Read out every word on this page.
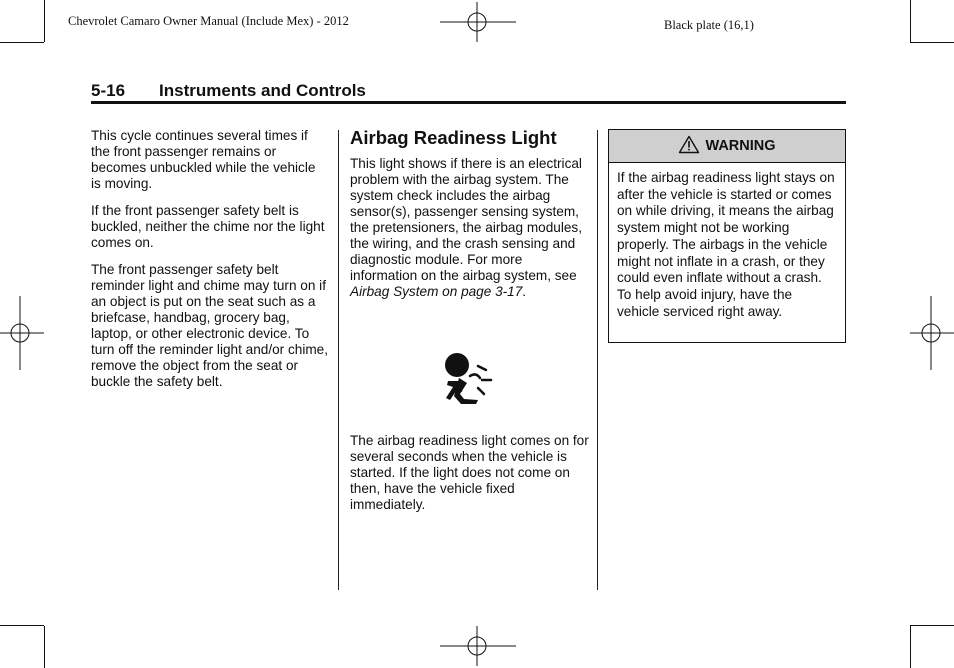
Chevrolet Camaro Owner Manual (Include Mex) - 2012	Black plate (16,1)
5-16 Instruments and Controls

This cycle continues several times if the front passenger remains or becomes unbuckled while the vehicle is moving.

If the front passenger safety belt is buckled, neither the chime nor the light comes on.

The front passenger safety belt reminder light and chime may turn on if an object is put on the seat such as a briefcase, handbag, grocery bag, laptop, or other electronic device. To turn off the reminder light and/or chime, remove the object from the seat or buckle the safety belt.

Airbag Readiness Light

This light shows if there is an electrical problem with the airbag system. The system check includes the airbag sensor(s), passenger sensing system, the pretensioners, the airbag modules, the wiring, and the crash sensing and diagnostic module. For more information on the airbag system, see Airbag System on page 3-17.

The airbag readiness light comes on for several seconds when the vehicle is started. If the light does not come on then, have the vehicle fixed immediately.

WARNING
If the airbag readiness light stays on after the vehicle is started or comes on while driving, it means the airbag system might not be working properly. The airbags in the vehicle might not inflate in a crash, or they could even inflate without a crash. To help avoid injury, have the vehicle serviced right away.
